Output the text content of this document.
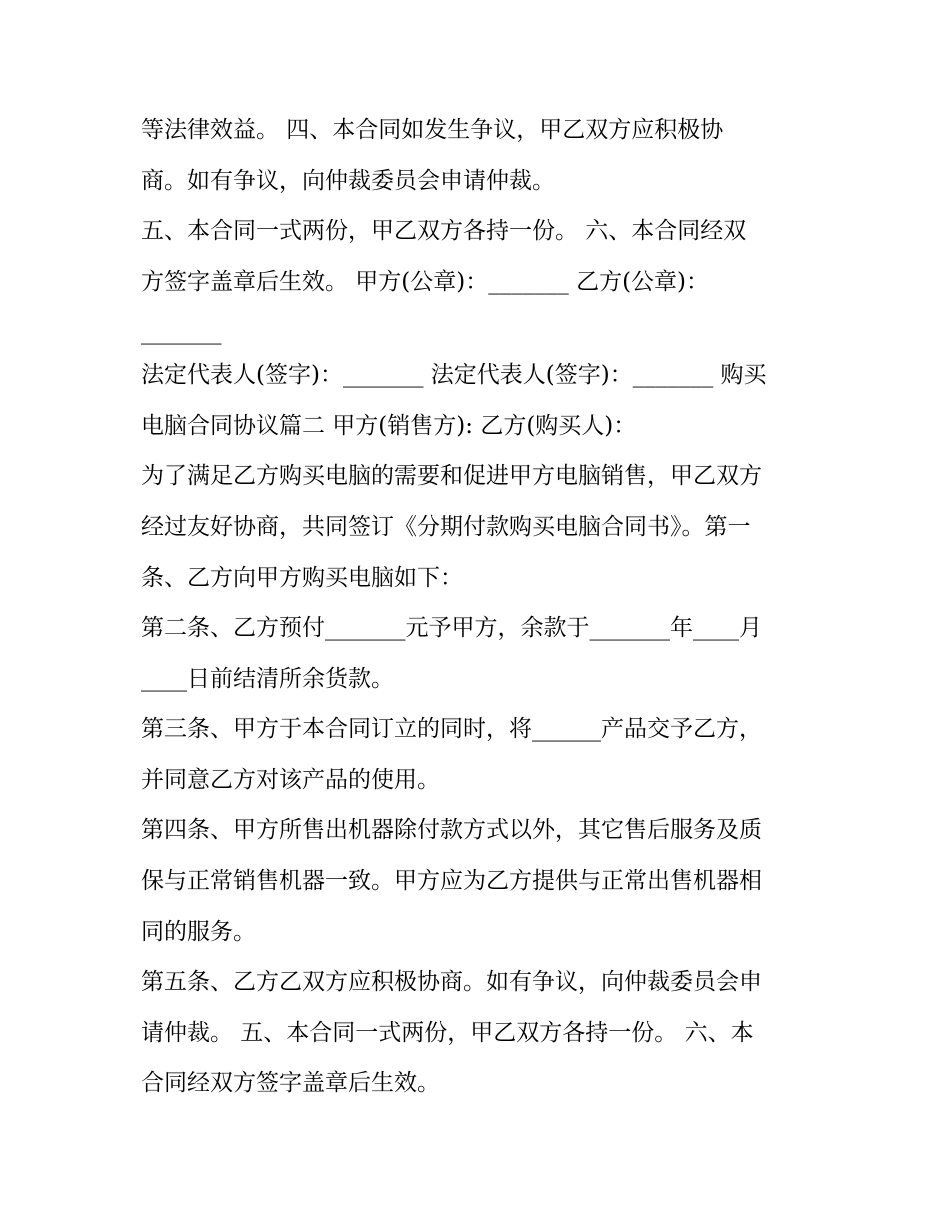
等法律效益。 四、本合同如发生争议，甲乙双方应积极协
商。如有争议，向仲裁委员会申请仲裁。
五、本合同一式两份，甲乙双方各持一份。 六、本合同经双
方签字盖章后生效。 甲方(公章)：_______ 乙方(公章)：
_______
法定代表人(签字)：_______ 法定代表人(签字)：_______ 购买
电脑合同协议篇二 甲方(销售方): 乙方(购买人)：
为了满足乙方购买电脑的需要和促进甲方电脑销售，甲乙双方
经过友好协商，共同签订《分期付款购买电脑合同书》。第一
条、乙方向甲方购买电脑如下：
第二条、乙方预付_______元予甲方，余款于_______年____月
____日前结清所余货款。
第三条、甲方于本合同订立的同时，将______产品交予乙方，
并同意乙方对该产品的使用。
第四条、甲方所售出机器除付款方式以外，其它售后服务及质
保与正常销售机器一致。甲方应为乙方提供与正常出售机器相
同的服务。
第五条、乙方乙双方应积极协商。如有争议，向仲裁委员会申
请仲裁。 五、本合同一式两份，甲乙双方各持一份。 六、本
合同经双方签字盖章后生效。
